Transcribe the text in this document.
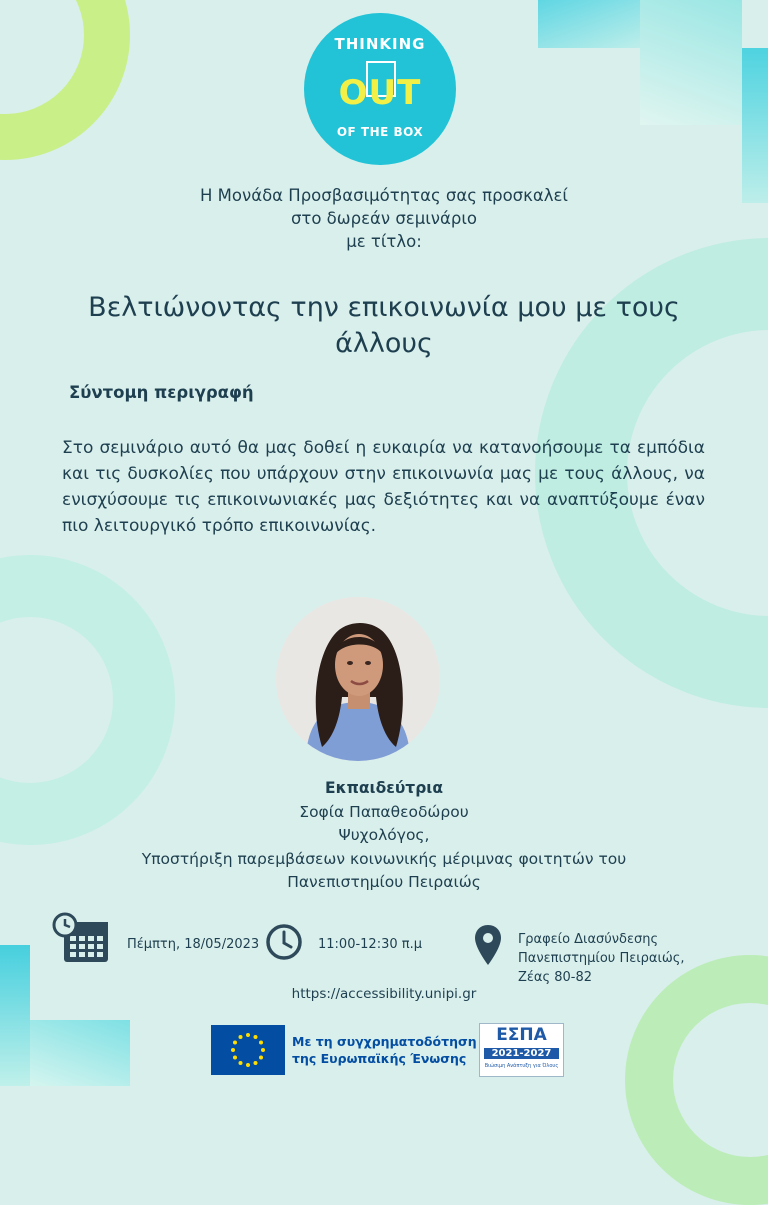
THINKING
OUT
OF THE BOX
Η Μονάδα Προσβασιμότητας σας προσκαλεί
στο δωρεάν σεμινάριο
με τίτλο:
Βελτιώνοντας την επικοινωνία μου με τους
άλλους
Σύντομη περιγραφή
Στο σεμινάριο αυτό θα μας δοθεί η ευκαιρία να κατανοήσουμε τα εμπόδια και τις δυσκολίες που υπάρχουν στην επικοινωνία μας με τους άλλους, να ενισχύσουμε τις επικοινωνιακές μας δεξιότητες και να αναπτύξουμε έναν πιο λειτουργικό τρόπο επικοινωνίας.
Εκπαιδεύτρια
Σοφία Παπαθεοδώρου
Ψυχολόγος,
Υποστήριξη παρεμβάσεων κοινωνικής μέριμνας φοιτητών του
Πανεπιστημίου Πειραιώς
Πέμπτη, 18/05/2023	11:00-12:30 π.μ	Γραφείο Διασύνδεσης
Πανεπιστημίου Πειραιώς,
Ζέας 80-82
https://accessibility.unipi.gr
Με τη συγχρηματοδότηση
της Ευρωπαϊκής Ένωσης
ΕΣΠΑ
2021-2027
Βιώσιμη Ανάπτυξη για Όλους
